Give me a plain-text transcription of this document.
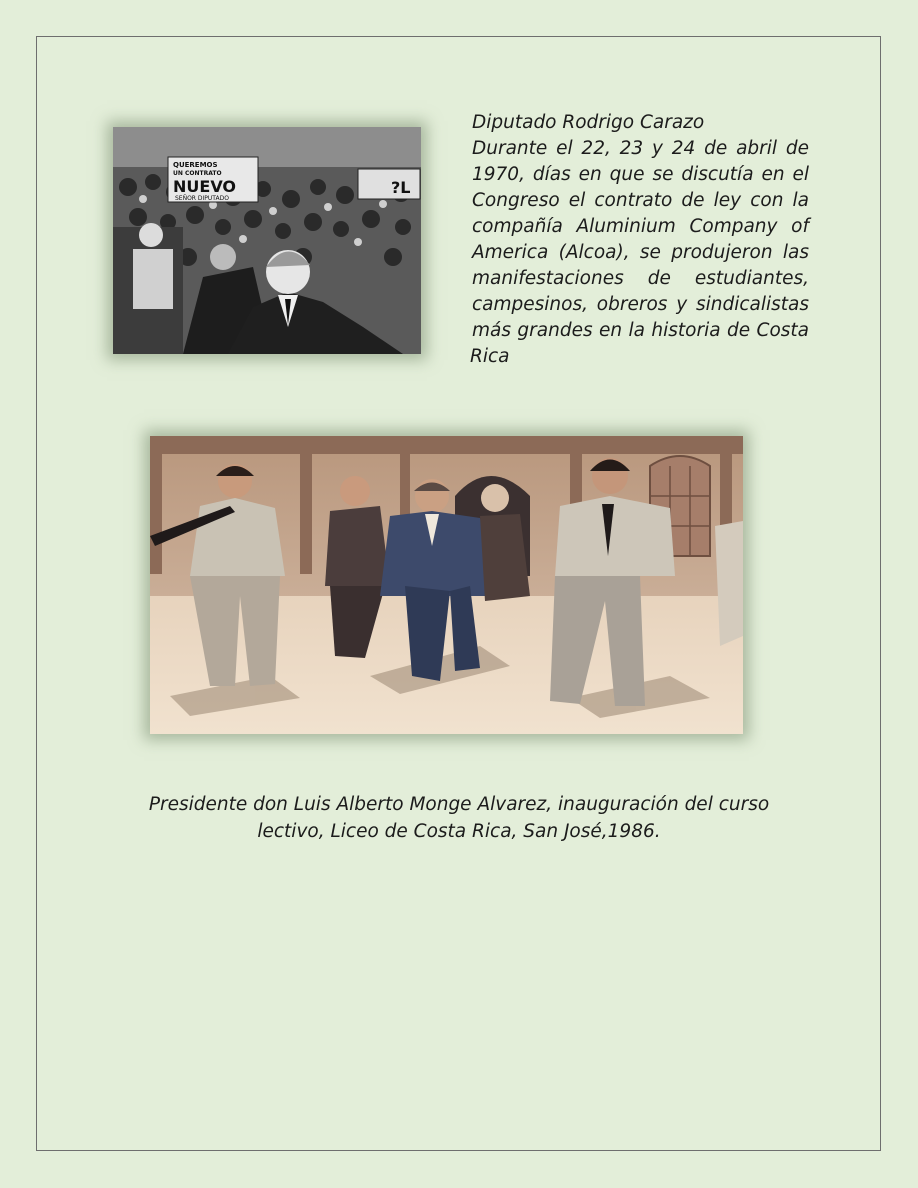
QUEREMOS
UN CONTRATO
NUEVO
SEÑOR DIPUTADO
?L
Diputado Rodrigo Carazo
Durante el 22, 23 y 24 de abril de 1970, días en que se discutía en el Congreso el contrato de ley con la compañía Aluminium Company of America (Alcoa), se produjeron las manifestaciones de estudiantes, campesinos, obreros y sindicalistas más grandes en la historia de Costa
Rica
Presidente don Luis Alberto Monge Alvarez, inauguración del curso
lectivo, Liceo de Costa Rica, San José,1986.
